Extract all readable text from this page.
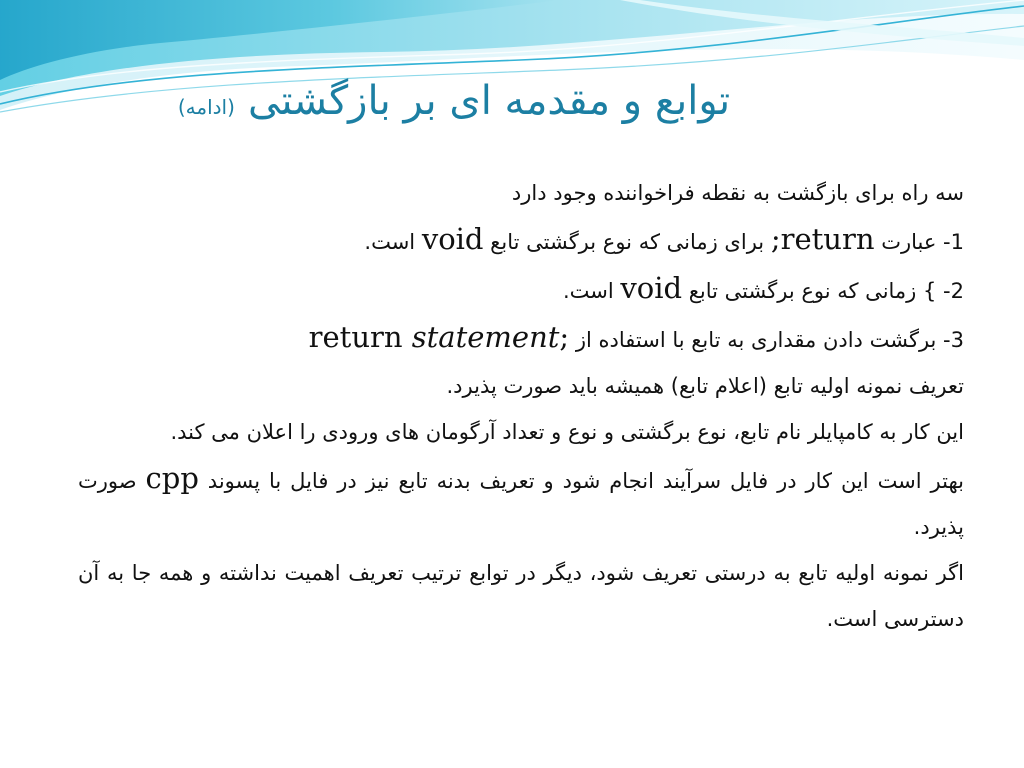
توابع و مقدمه ای بر بازگشتی (ادامه)
سه راه برای بازگشت به نقطه فراخواننده وجود دارد
1- عبارت return; برای زمانی که نوع برگشتی تابع void است.
2- } زمانی که نوع برگشتی تابع void است.
3- برگشت دادن مقداری به تابع با استفاده از return statement;
تعریف نمونه اولیه تابع (اعلام تابع) همیشه باید صورت پذیرد.
این کار به کامپایلر نام تابع، نوع برگشتی و نوع و تعداد آرگومان های ورودی را اعلان می کند.
بهتر است این کار در فایل سرآیند انجام شود و تعریف بدنه تابع نیز در فایل با پسوند cpp صورت پذیرد.
اگر نمونه اولیه تابع به درستی تعریف شود، دیگر در توابع ترتیب تعریف اهمیت نداشته و همه جا به آن دسترسی است.
